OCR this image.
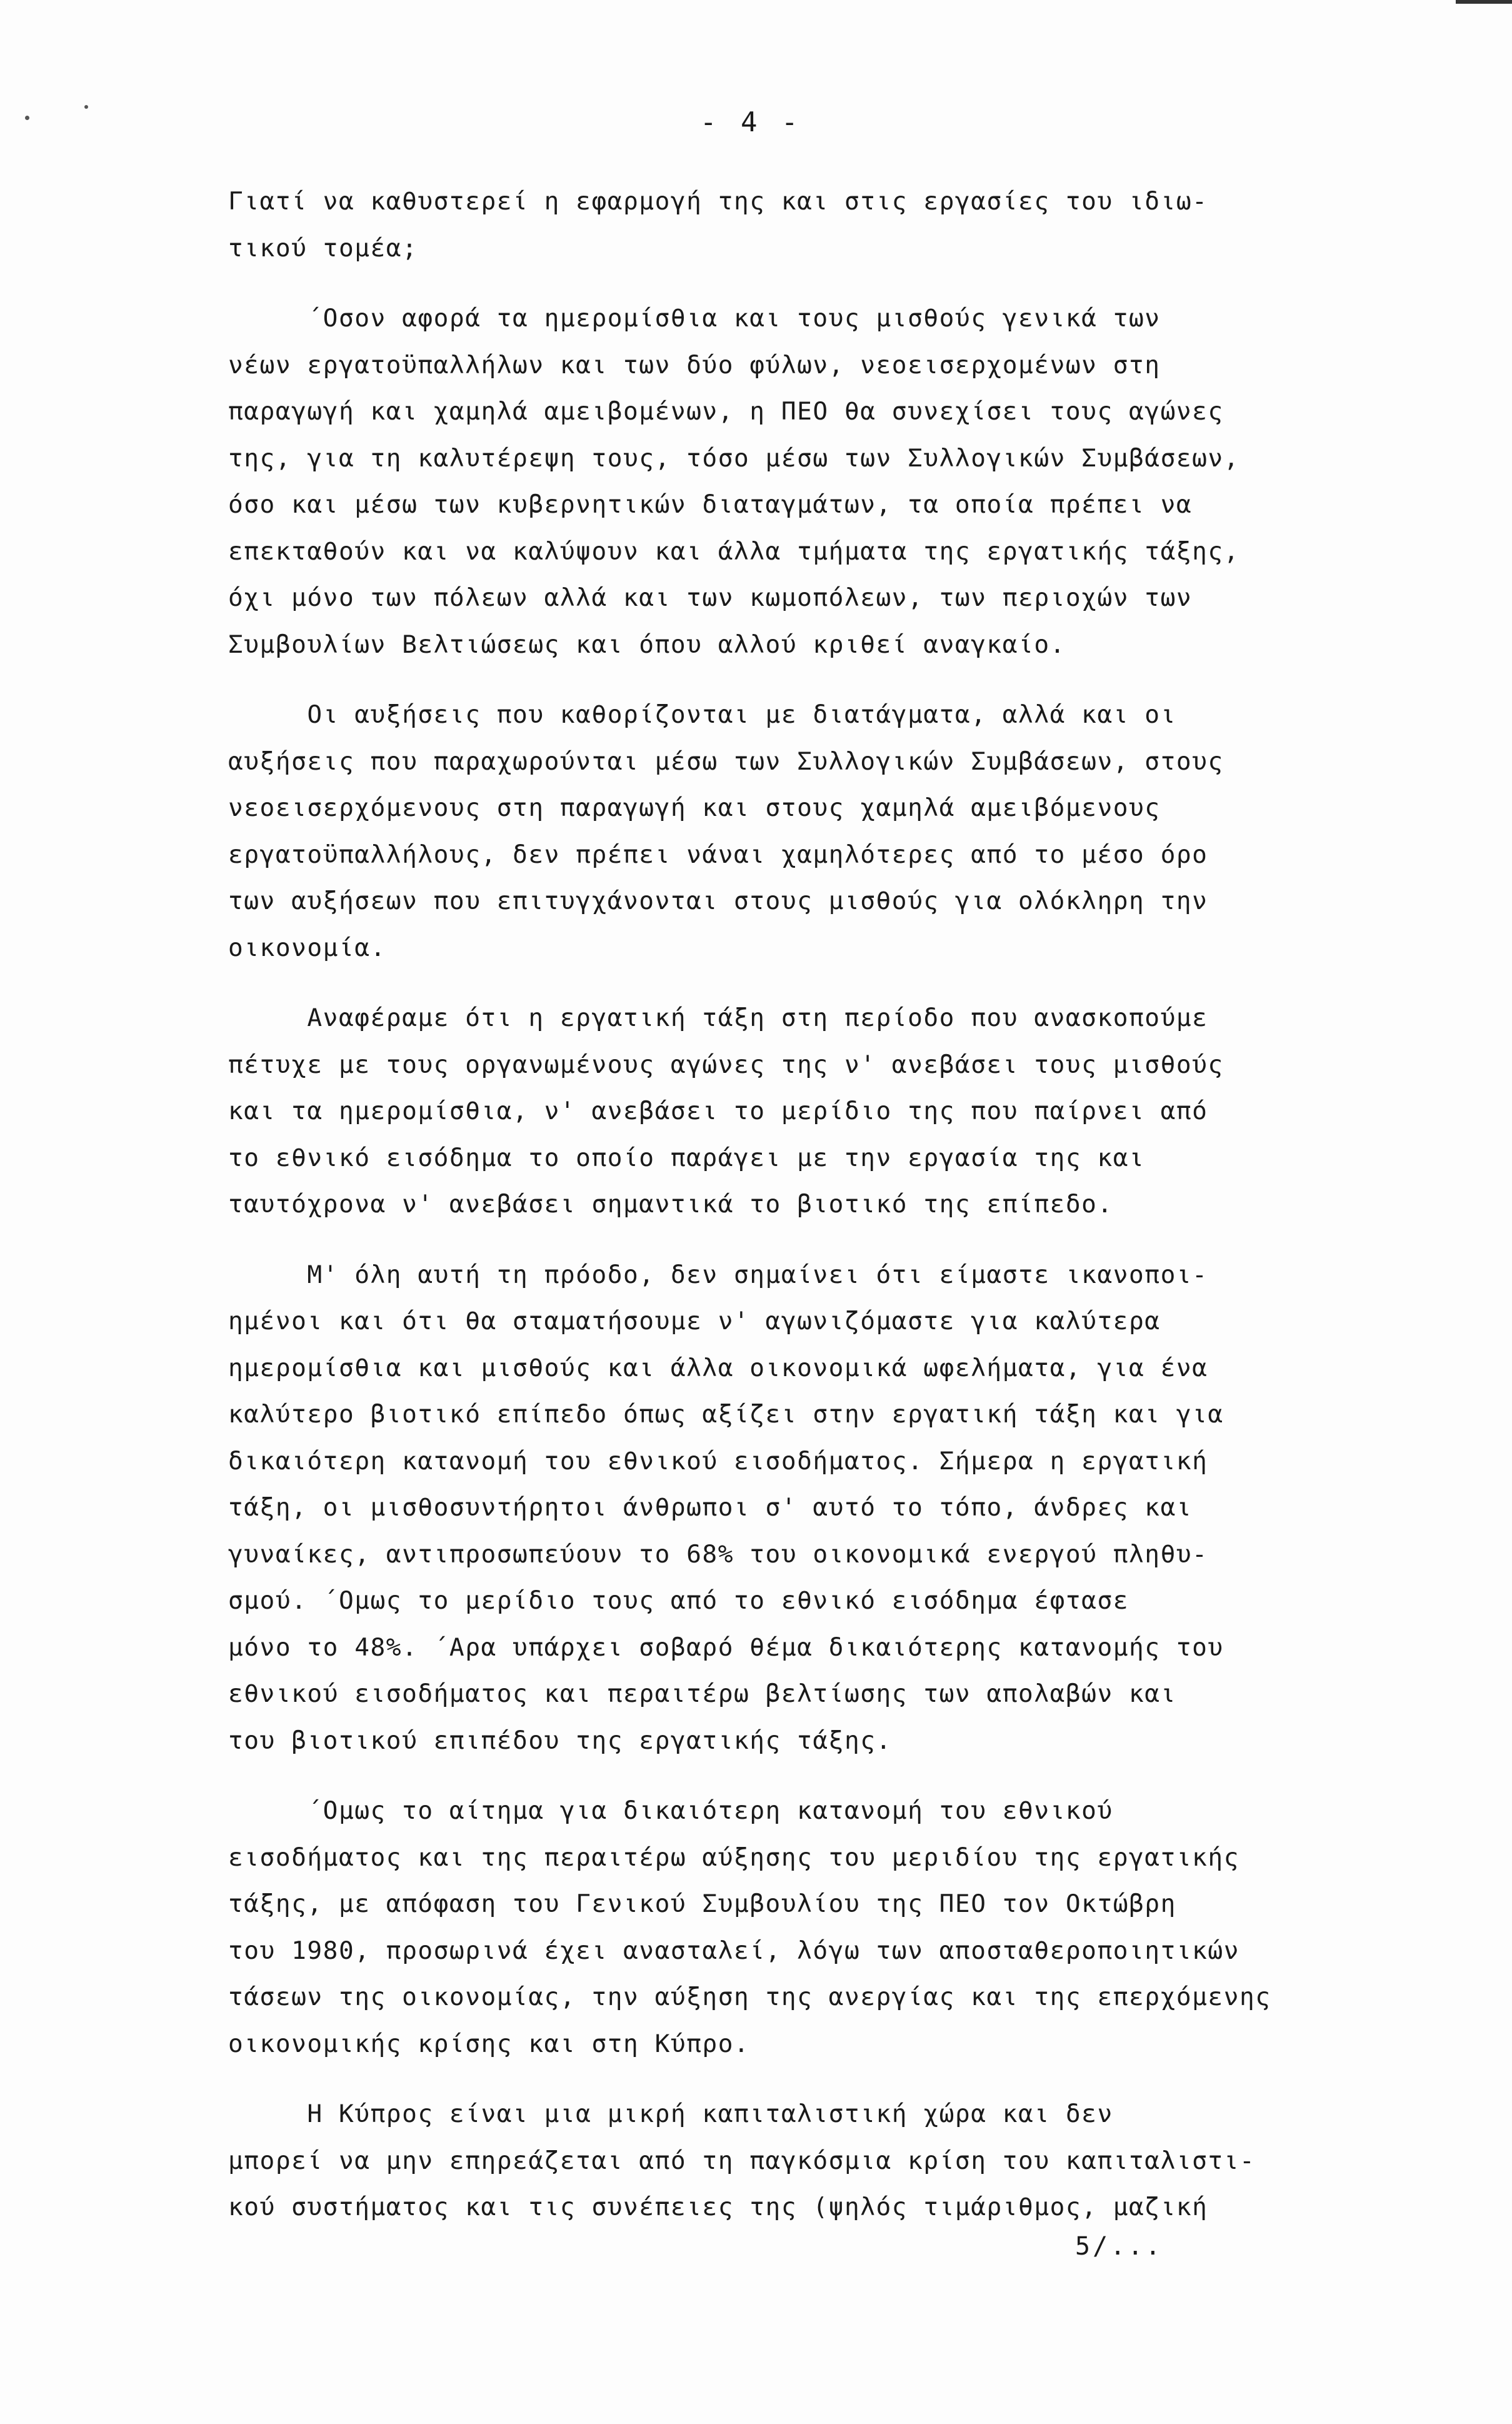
- 4 -
Γιατί να καθυστερεί η εφαρμογή της και στις εργασίες του ιδιω-
τικού τομέα;
΄Οσον αφορά τα ημερομίσθια και τους μισθούς γενικά των
νέων εργατοϋπαλλήλων και των δύο φύλων, νεοεισερχομένων στη
παραγωγή και χαμηλά αμειβομένων, η ΠΕΟ θα συνεχίσει τους αγώνες
της, για τη καλυτέρεψη τους, τόσο μέσω των Συλλογικών Συμβάσεων,
όσο και μέσω των κυβερνητικών διαταγμάτων, τα οποία πρέπει να
επεκταθούν και να καλύψουν και άλλα τμήματα της εργατικής τάξης,
όχι μόνο των πόλεων αλλά και των κωμοπόλεων, των περιοχών των
Συμβουλίων Βελτιώσεως και όπου αλλού κριθεί αναγκαίο.
Οι αυξήσεις που καθορίζονται με διατάγματα, αλλά και οι
αυξήσεις που παραχωρούνται μέσω των Συλλογικών Συμβάσεων, στους
νεοεισερχόμενους στη παραγωγή και στους χαμηλά αμειβόμενους
εργατοϋπαλλήλους, δεν πρέπει νάναι χαμηλότερες από το μέσο όρο
των αυξήσεων που επιτυγχάνονται στους μισθούς για ολόκληρη την
οικονομία.
Αναφέραμε ότι η εργατική τάξη στη περίοδο που ανασκοπούμε
πέτυχε με τους οργανωμένους αγώνες της ν' ανεβάσει τους μισθούς
και τα ημερομίσθια, ν' ανεβάσει το μερίδιο της που παίρνει από
το εθνικό εισόδημα το οποίο παράγει με την εργασία της και
ταυτόχρονα ν' ανεβάσει σημαντικά το βιοτικό της επίπεδο.
Μ' όλη αυτή τη πρόοδο, δεν σημαίνει ότι είμαστε ικανοποι-
ημένοι και ότι θα σταματήσουμε ν' αγωνιζόμαστε για καλύτερα
ημερομίσθια και μισθούς και άλλα οικονομικά ωφελήματα, για ένα
καλύτερο βιοτικό επίπεδο όπως αξίζει στην εργατική τάξη και για
δικαιότερη κατανομή του εθνικού εισοδήματος. Σήμερα η εργατική
τάξη, οι μισθοσυντήρητοι άνθρωποι σ' αυτό το τόπο, άνδρες και
γυναίκες, αντιπροσωπεύουν το 68% του οικονομικά ενεργού πληθυ-
σμού. ΄Ομως το μερίδιο τους από το εθνικό εισόδημα έφτασε
μόνο το 48%. ΄Αρα υπάρχει σοβαρό θέμα δικαιότερης κατανομής του
εθνικού εισοδήματος και περαιτέρω βελτίωσης των απολαβών και
του βιοτικού επιπέδου της εργατικής τάξης.
΄Ομως το αίτημα για δικαιότερη κατανομή του εθνικού
εισοδήματος και της περαιτέρω αύξησης του μεριδίου της εργατικής
τάξης, με απόφαση του Γενικού Συμβουλίου της ΠΕΟ τον Οκτώβρη
του 1980, προσωρινά έχει ανασταλεί, λόγω των αποσταθεροποιητικών
τάσεων της οικονομίας, την αύξηση της ανεργίας και της επερχόμενης
οικονομικής κρίσης και στη Κύπρο.
Η Κύπρος είναι μια μικρή καπιταλιστική χώρα και δεν
μπορεί να μην επηρεάζεται από τη παγκόσμια κρίση του καπιταλιστι-
κού συστήματος και τις συνέπειες της (ψηλός τιμάριθμος, μαζική
5/...
